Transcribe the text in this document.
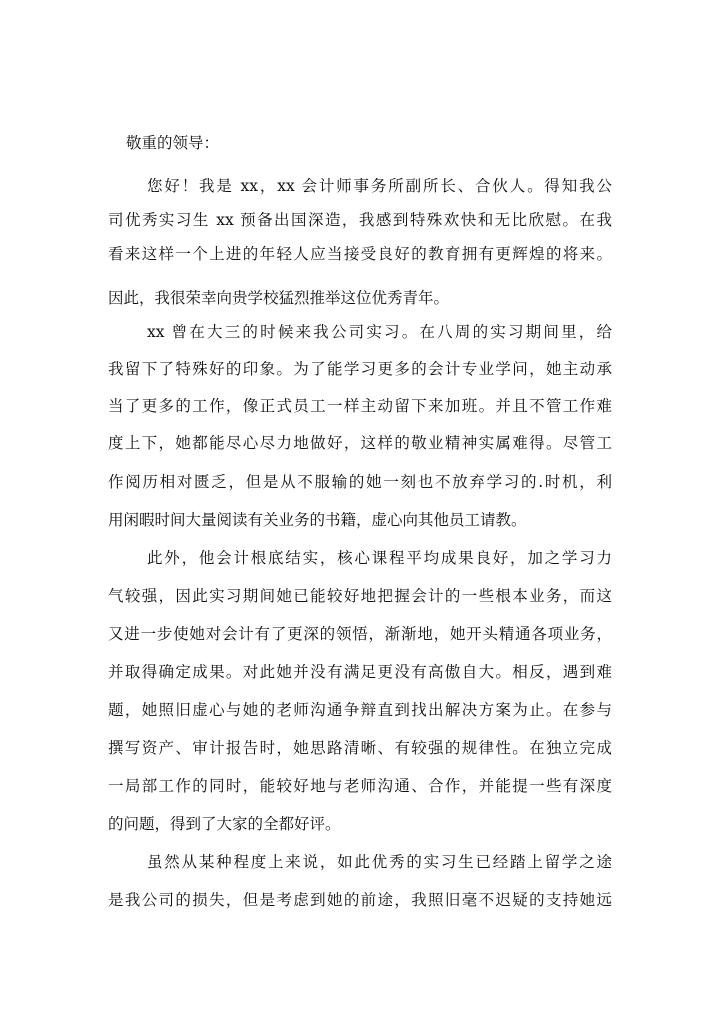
敬重的领导：
您好！我是 xx，xx 会计师事务所副所长、合伙人。得知我公
司优秀实习生 xx 预备出国深造，我感到特殊欢快和无比欣慰。在我
看来这样一个上进的年轻人应当接受良好的教育拥有更辉煌的将来。
因此，我很荣幸向贵学校猛烈推举这位优秀青年。
xx 曾在大三的时候来我公司实习。在八周的实习期间里，给
我留下了特殊好的印象。为了能学习更多的会计专业学问，她主动承
当了更多的工作，像正式员工一样主动留下来加班。并且不管工作难
度上下，她都能尽心尽力地做好，这样的敬业精神实属难得。尽管工
作阅历相对匮乏，但是从不服输的她一刻也不放弃学习的.时机，利
用闲暇时间大量阅读有关业务的书籍，虚心向其他员工请教。
此外，他会计根底结实，核心课程平均成果良好，加之学习力
气较强，因此实习期间她已能较好地把握会计的一些根本业务，而这
又进一步使她对会计有了更深的领悟，渐渐地，她开头精通各项业务，
并取得确定成果。对此她并没有满足更没有高傲自大。相反，遇到难
题，她照旧虚心与她的老师沟通争辩直到找出解决方案为止。在参与
撰写资产、审计报告时，她思路清晰、有较强的规律性。在独立完成
一局部工作的同时，能较好地与老师沟通、合作，并能提一些有深度
的问题，得到了大家的全都好评。
虽然从某种程度上来说，如此优秀的实习生已经踏上留学之途
是我公司的损失，但是考虑到她的前途，我照旧毫不迟疑的支持她远
